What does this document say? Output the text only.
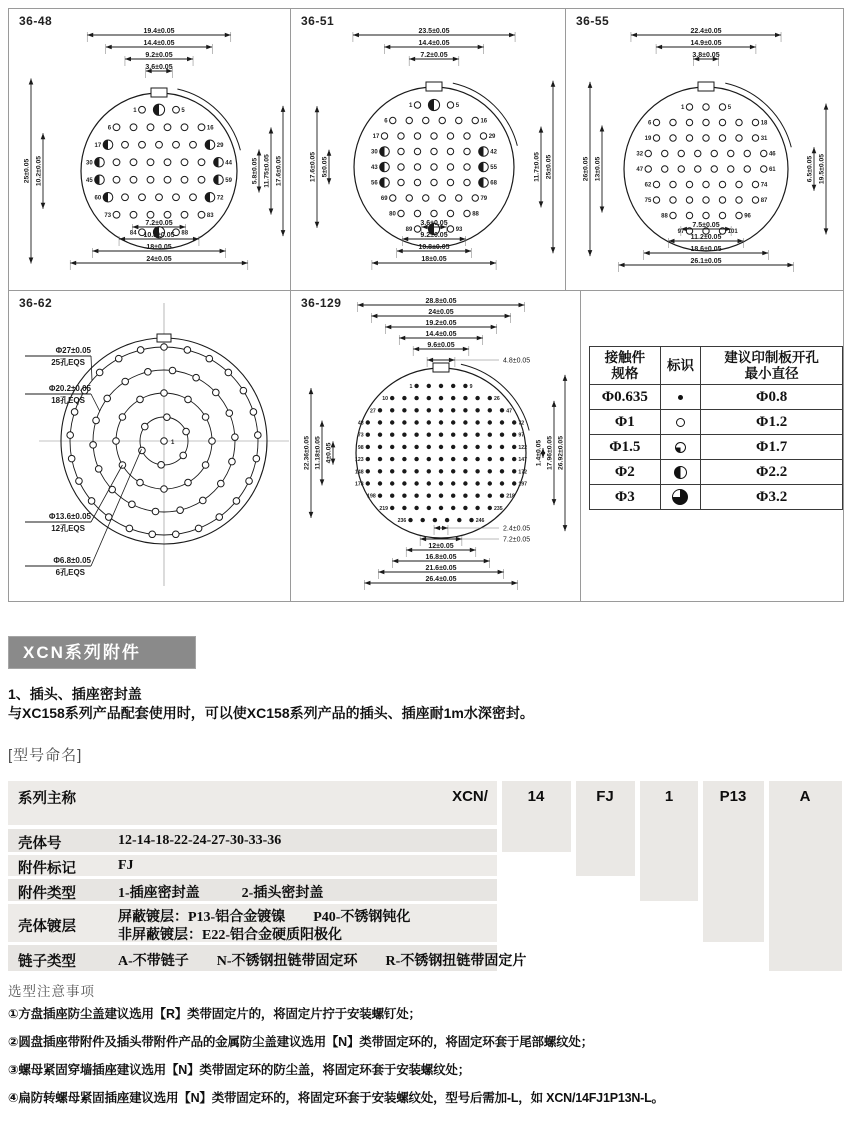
36-48
1	5
6	16
17	29
30	44
45	59
60	72
73	83
84	88
19.4±0.05
14.4±0.05
9.2±0.05
3.6±0.05
7.2±0.05
10.8±0.05
18±0.05
24±0.05
25±0.05 10.2±0.05	5.8±0.05 11.75±0.05 17.6±0.05
36-51
1	5
6	16
17	29
30	42
43	55
56	68
69	79
80	88
89	93
23.5±0.05
14.4±0.05
7.2±0.05
3.6±0.05
9.2±0.05
10.8±0.05
18±0.05
17.6±0.05 5±0.05	11.7±0.05 25±0.05
36-55
1	5
6	18
19	31
32	46
47	61
62	74
75	87
88	96
97	101
22.4±0.05
14.9±0.05
3.8±0.05
7.5±0.05
11.2±0.05
18.6±0.05
26.1±0.05
26±0.05 13±0.05	6.5±0.05 19.5±0.05
36-62
1
Φ27±0.05
25孔EQS
Φ20.2±0.05
18孔EQS
Φ13.6±0.05
12孔EQS
Φ6.8±0.05
6孔EQS
36-129
1	9
10	26
27	47
48	72
73	97
98	122
123	147
148	172
173	197
198	218
219	235
236	246
28.8±0.05
24±0.05
19.2±0.05
14.4±0.05
9.6±0.05
4.8±0.05
2.4±0.05
7.2±0.05
12±0.05
16.8±0.05
21.6±0.05
26.4±0.05
22.36±0.05 11.18±0.05 4±0.05	1.4±0.05 17.96±0.05 26.92±0.05
接触件
规格

标识

建议印制板开孔
最小直径

Φ0.635		Φ0.8
Φ1		Φ1.2
Φ1.5		Φ1.7
Φ2		Φ2.2
Φ3		Φ3.2
XCN系列附件
1、插头、插座密封盖
与XC158系列产品配套使用时，可以使XC158系列产品的插头、插座耐1m水深密封。
[型号命名]
XCN/	14	FJ	1	P13	A
系列主称
壳体号	12-14-18-22-24-27-30-33-36
附件标记	FJ
附件类型	1-插座密封盖　　　2-插头密封盖
壳体镀层
屏蔽镀层：P13-铝合金镀镍　　P40-不锈钢钝化
非屏蔽镀层：E22-铝合金硬质阳极化
链子类型	A-不带链子　　N-不锈钢扭链带固定环　　R-不锈钢扭链带固定片
选型注意事项
①方盘插座防尘盖建议选用【R】类带固定片的，将固定片拧于安装螺钉处；
②圆盘插座带附件及插头带附件产品的金属防尘盖建议选用【N】类带固定环的，将固定环套于尾部螺纹处；
③螺母紧固穿墙插座建议选用【N】类带固定环的防尘盖，将固定环套于安装螺纹处；
④扁防转螺母紧固插座建议选用【N】类带固定环的，将固定环套于安装螺纹处，型号后需加-L，如 XCN/14FJ1P13N-L。
